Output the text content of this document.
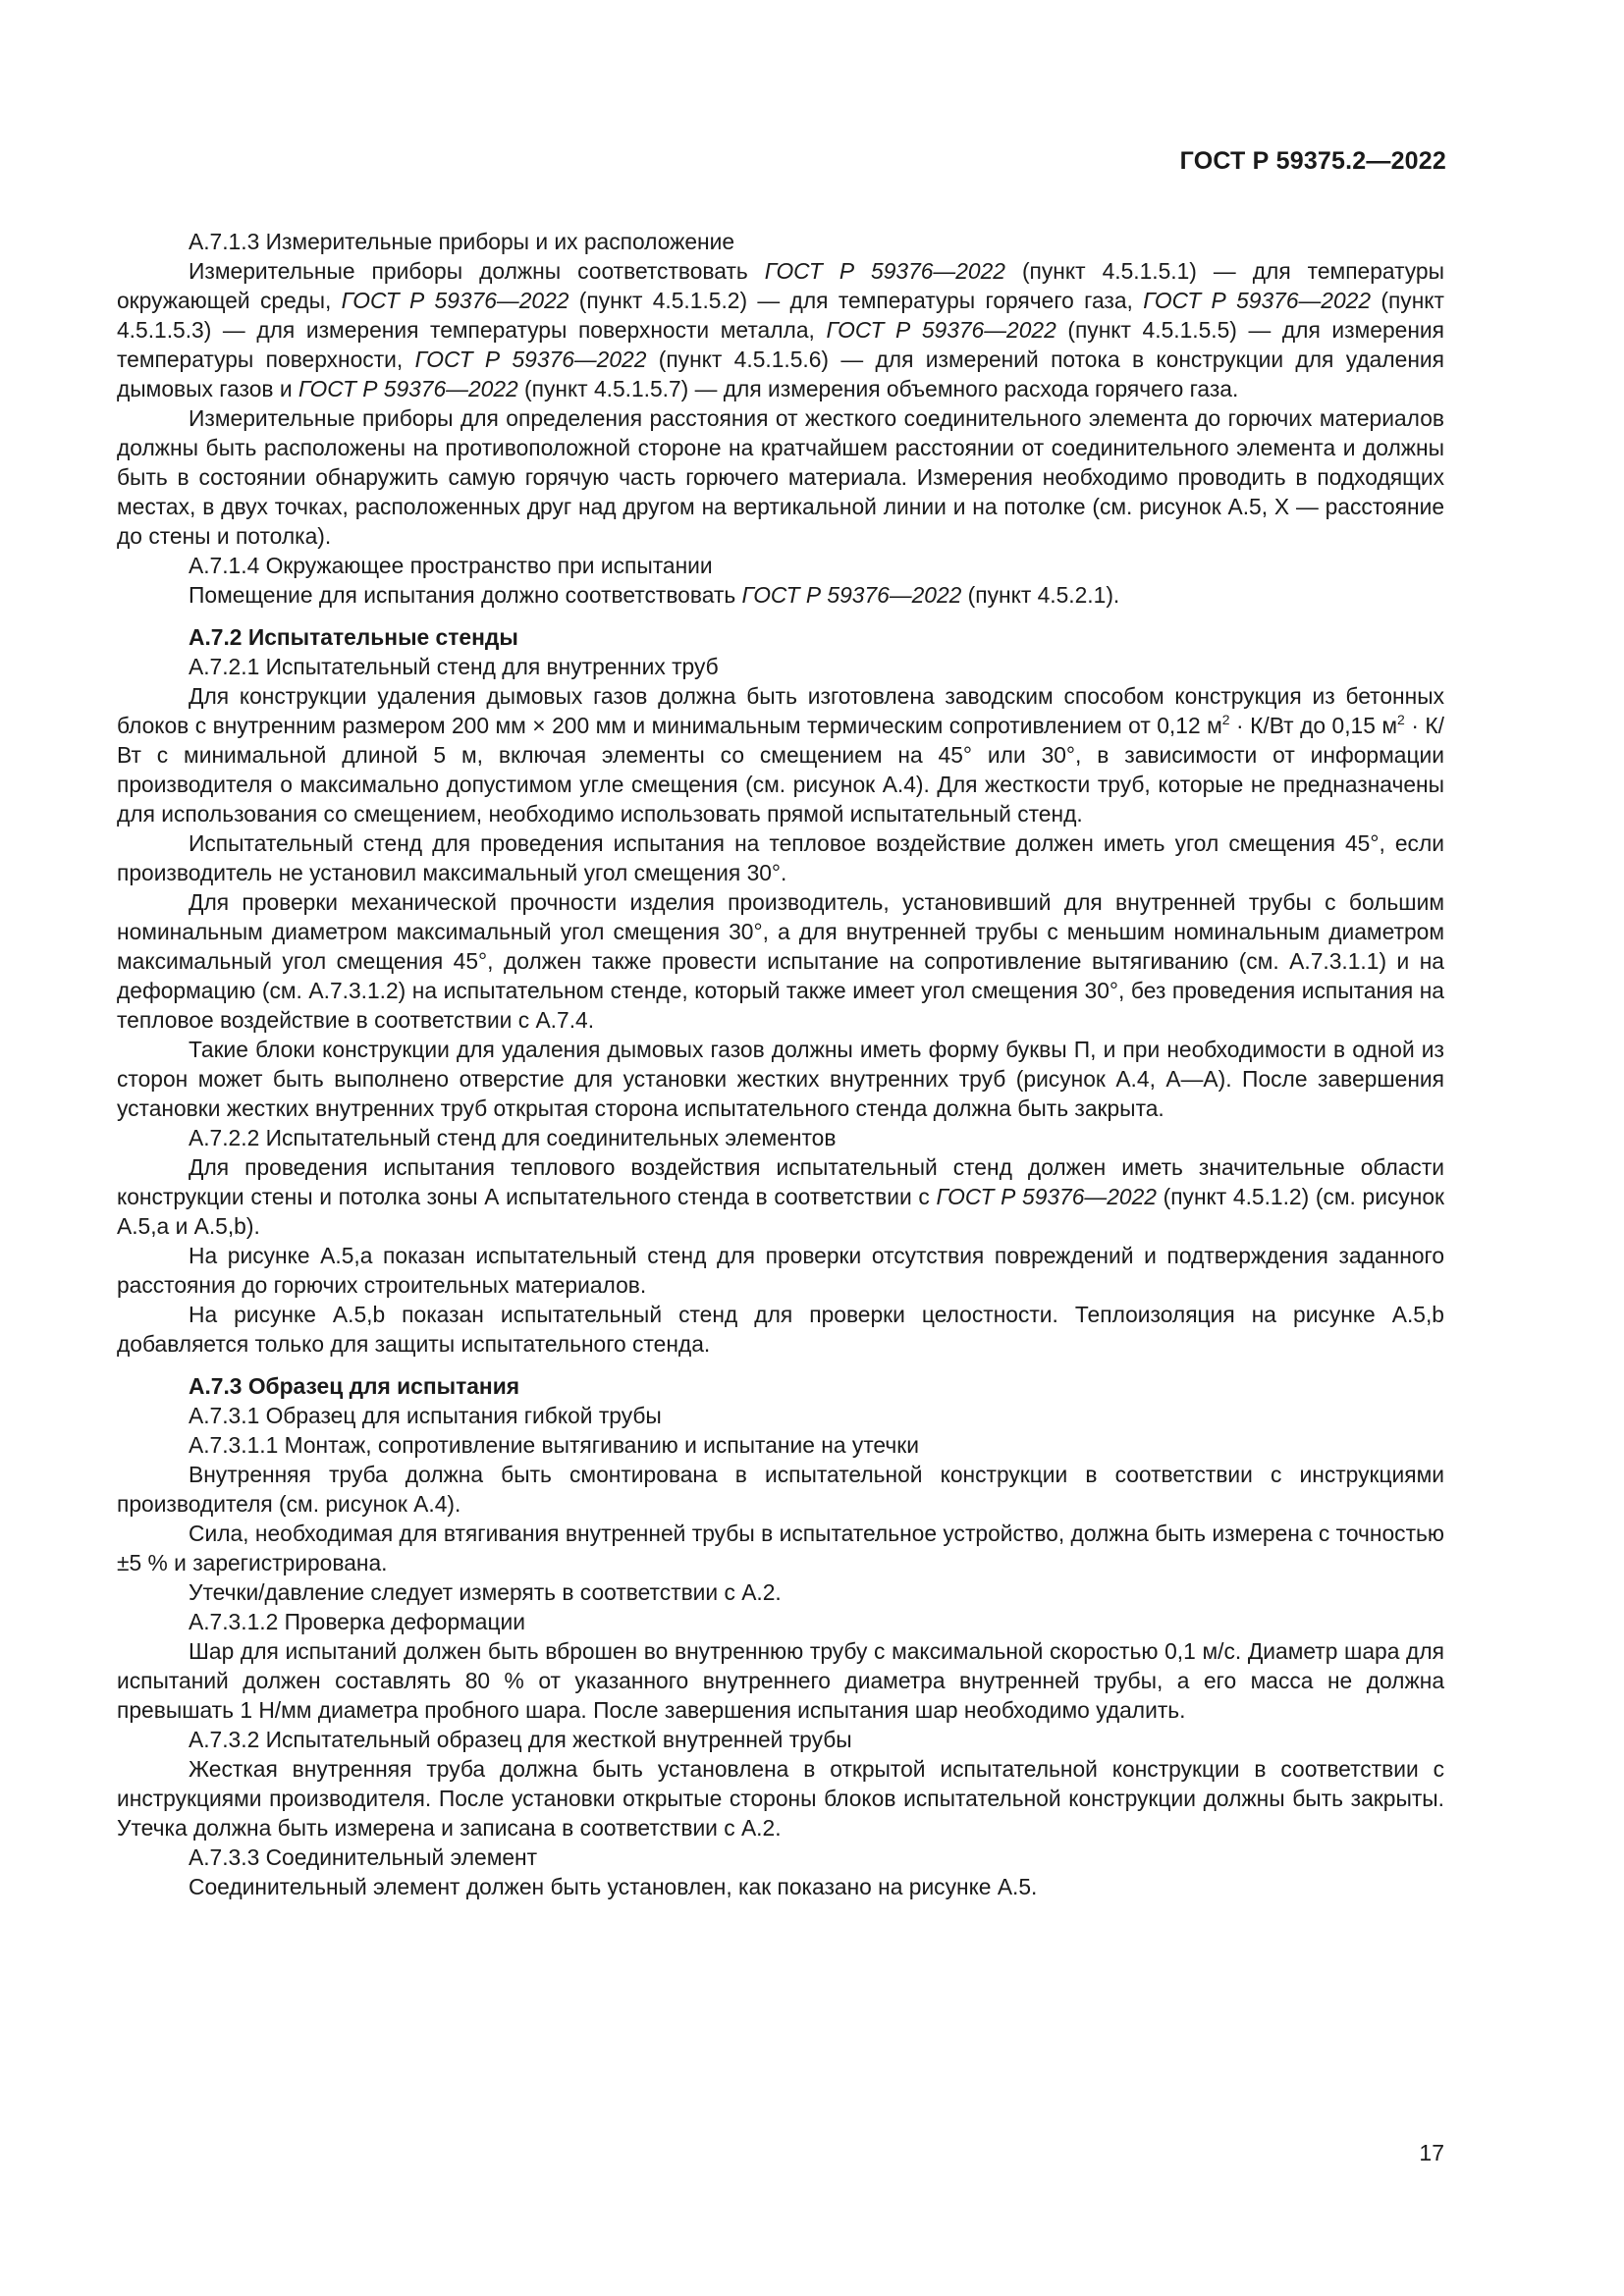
ГОСТ Р 59375.2—2022

А.7.1.3 Измерительные приборы и их расположение

Измерительные приборы должны соответствовать ГОСТ Р 59376—2022 (пункт 4.5.1.5.1) — для температуры окружающей среды, ГОСТ Р 59376—2022 (пункт 4.5.1.5.2) — для температуры горячего газа, ГОСТ Р 59376—2022 (пункт 4.5.1.5.3) — для измерения температуры поверхности металла, ГОСТ Р 59376—2022 (пункт 4.5.1.5.5) — для измерения температуры поверхности, ГОСТ Р 59376—2022 (пункт 4.5.1.5.6) — для измерений потока в конструкции для удаления дымовых газов и ГОСТ Р 59376—2022 (пункт 4.5.1.5.7) — для измерения объемного расхода горячего газа.

Измерительные приборы для определения расстояния от жесткого соединительного элемента до горючих материалов должны быть расположены на противоположной стороне на кратчайшем расстоянии от соединительного элемента и должны быть в состоянии обнаружить самую горячую часть горючего материала. Измерения необходимо проводить в подходящих местах, в двух точках, расположенных друг над другом на вертикальной линии и на потолке (см. рисунок А.5, X — расстояние до стены и потолка).

А.7.1.4 Окружающее пространство при испытании

Помещение для испытания должно соответствовать ГОСТ Р 59376—2022 (пункт 4.5.2.1).

А.7.2 Испытательные стенды

А.7.2.1 Испытательный стенд для внутренних труб

Для конструкции удаления дымовых газов должна быть изготовлена заводским способом конструкция из бетонных блоков с внутренним размером 200 мм × 200 мм и минимальным термическим сопротивлением от 0,12 $м^2 \cdot К/Вт$ до 0,15 $м^2 \cdot К/Вт$ с минимальной длиной 5 м, включая элементы со смещением на 45° или 30°, в зависимости от информации производителя о максимально допустимом угле смещения (см. рисунок А.4). Для жесткости труб, которые не предназначены для использования со смещением, необходимо использовать прямой испытательный стенд.

Испытательный стенд для проведения испытания на тепловое воздействие должен иметь угол смещения 45°, если производитель не установил максимальный угол смещения 30°.

Для проверки механической прочности изделия производитель, установивший для внутренней трубы с большим номинальным диаметром максимальный угол смещения 30°, а для внутренней трубы с меньшим номинальным диаметром максимальный угол смещения 45°, должен также провести испытание на сопротивление вытягиванию (см. А.7.3.1.1) и на деформацию (см. А.7.3.1.2) на испытательном стенде, который также имеет угол смещения 30°, без проведения испытания на тепловое воздействие в соответствии с А.7.4.

Такие блоки конструкции для удаления дымовых газов должны иметь форму буквы П, и при необходимости в одной из сторон может быть выполнено отверстие для установки жестких внутренних труб (рисунок А.4, А—А). После завершения установки жестких внутренних труб открытая сторона испытательного стенда должна быть закрыта.

А.7.2.2 Испытательный стенд для соединительных элементов

Для проведения испытания теплового воздействия испытательный стенд должен иметь значительные области конструкции стены и потолка зоны А испытательного стенда в соответствии с ГОСТ Р 59376—2022 (пункт 4.5.1.2) (см. рисунок А.5,а и А.5,b).

На рисунке А.5,а показан испытательный стенд для проверки отсутствия повреждений и подтверждения заданного расстояния до горючих строительных материалов.

На рисунке А.5,b показан испытательный стенд для проверки целостности. Теплоизоляция на рисунке А.5,b добавляется только для защиты испытательного стенда.

А.7.3 Образец для испытания

А.7.3.1 Образец для испытания гибкой трубы

А.7.3.1.1 Монтаж, сопротивление вытягиванию и испытание на утечки

Внутренняя труба должна быть смонтирована в испытательной конструкции в соответствии с инструкциями производителя (см. рисунок А.4).

Сила, необходимая для втягивания внутренней трубы в испытательное устройство, должна быть измерена с точностью ±5 % и зарегистрирована.

Утечки/давление следует измерять в соответствии с А.2.

А.7.3.1.2 Проверка деформации

Шар для испытаний должен быть вброшен во внутреннюю трубу с максимальной скоростью 0,1 м/с. Диаметр шара для испытаний должен составлять 80 % от указанного внутреннего диаметра внутренней трубы, а его масса не должна превышать 1 Н/мм диаметра пробного шара. После завершения испытания шар необходимо удалить.

А.7.3.2 Испытательный образец для жесткой внутренней трубы

Жесткая внутренняя труба должна быть установлена в открытой испытательной конструкции в соответствии с инструкциями производителя. После установки открытые стороны блоков испытательной конструкции должны быть закрыты. Утечка должна быть измерена и записана в соответствии с А.2.

А.7.3.3 Соединительный элемент

Соединительный элемент должен быть установлен, как показано на рисунке А.5.

17
